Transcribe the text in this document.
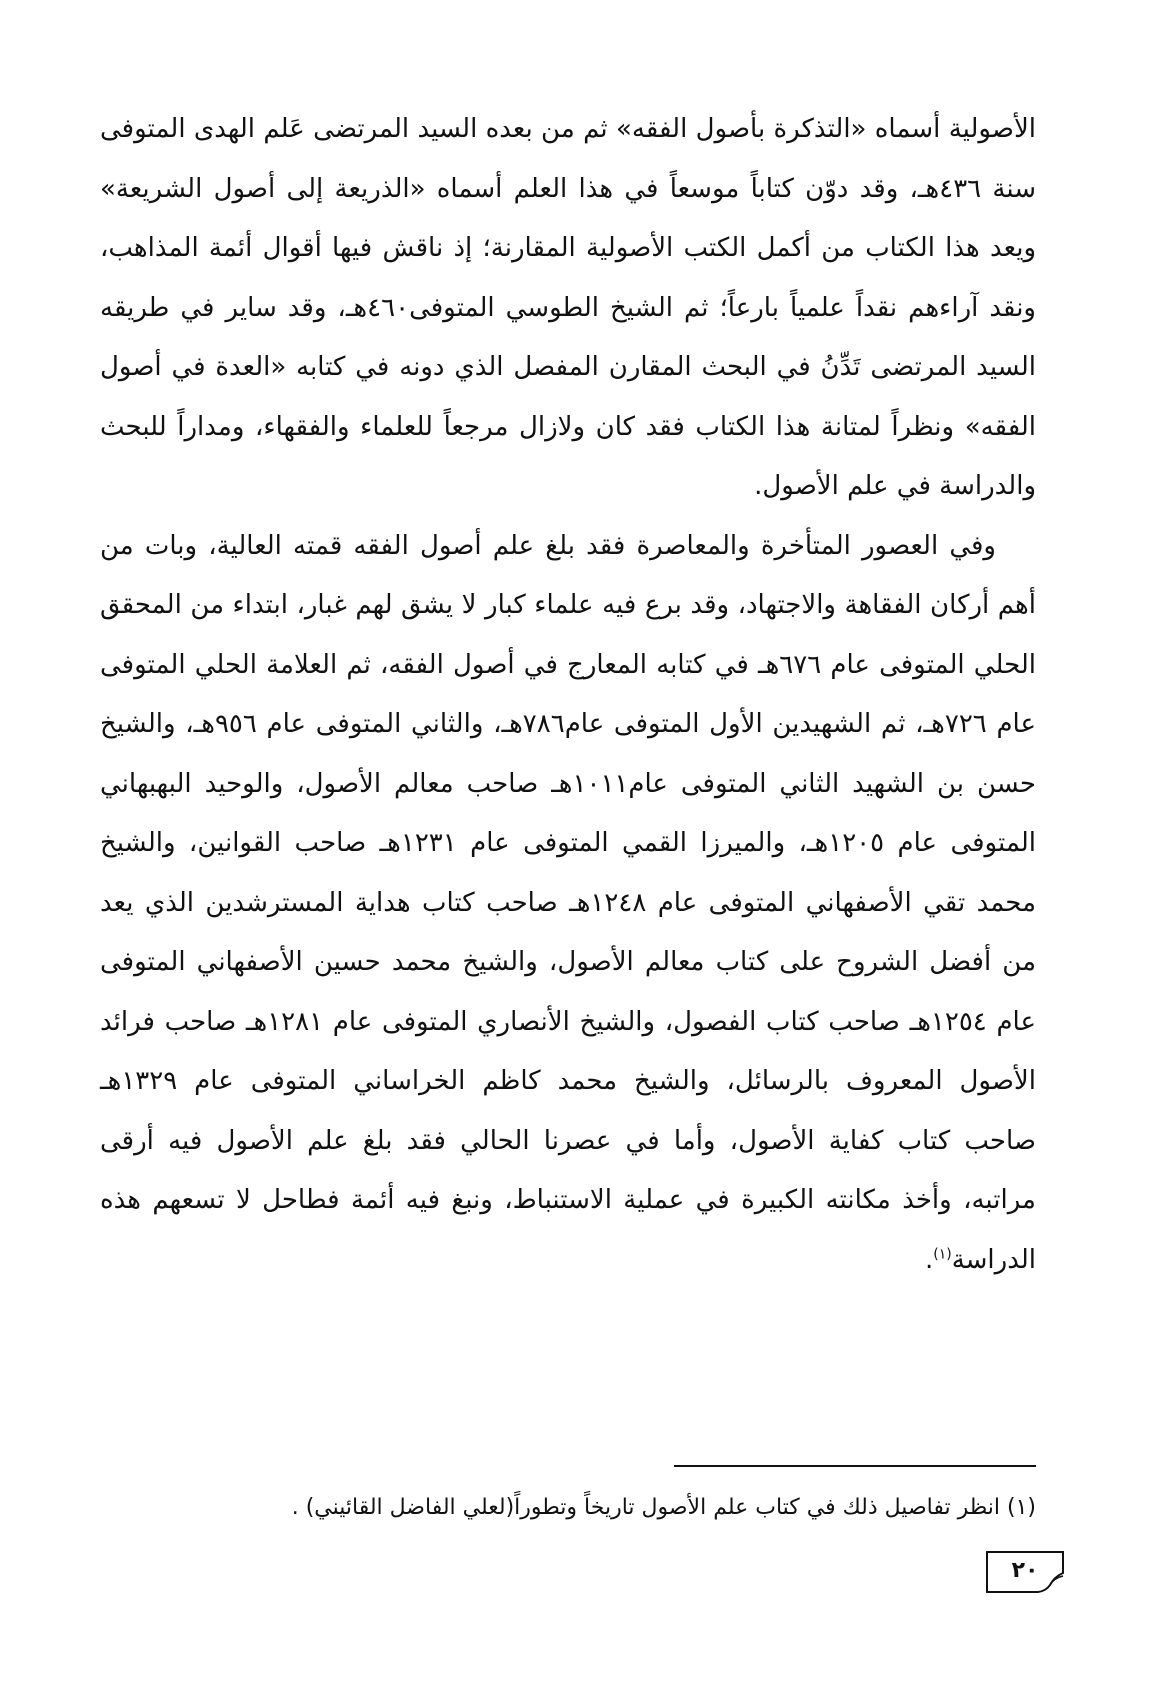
الأصولية أسماه «التذكرة بأصول الفقه» ثم من بعده السيد المرتضى عَلم الهدى المتوفى سنة ٤٣٦هـ، وقد دوّن كتاباً موسعاً في هذا العلم أسماه «الذريعة إلى أصول الشريعة» ويعد هذا الكتاب من أكمل الكتب الأصولية المقارنة؛ إذ ناقش فيها أقوال أئمة المذاهب، ونقد آراءهم نقداً علمياً بارعاً؛ ثم الشيخ الطوسي المتوفى٤٦٠هـ، وقد ساير في طريقه السيد المرتضى تَدِّنُ في البحث المقارن المفصل الذي دونه في كتابه «العدة في أصول الفقه» ونظراً لمتانة هذا الكتاب فقد كان ولازال مرجعاً للعلماء والفقهاء، ومداراً للبحث والدراسة في علم الأصول.

وفي العصور المتأخرة والمعاصرة فقد بلغ علم أصول الفقه قمته العالية، وبات من أهم أركان الفقاهة والاجتهاد، وقد برع فيه علماء كبار لا يشق لهم غبار، ابتداء من المحقق الحلي المتوفى عام ٦٧٦هـ في كتابه المعارج في أصول الفقه، ثم العلامة الحلي المتوفى عام ٧٢٦هـ، ثم الشهيدين الأول المتوفى عام٧٨٦هـ، والثاني المتوفى عام ٩٥٦هـ، والشيخ حسن بن الشهيد الثاني المتوفى عام١٠١١هـ صاحب معالم الأصول، والوحيد البهبهاني المتوفى عام ١٢٠٥هـ، والميرزا القمي المتوفى عام ١٢٣١هـ صاحب القوانين، والشيخ محمد تقي الأصفهاني المتوفى عام ١٢٤٨هـ صاحب كتاب هداية المسترشدين الذي يعد من أفضل الشروح على كتاب معالم الأصول، والشيخ محمد حسين الأصفهاني المتوفى عام ١٢٥٤هـ صاحب كتاب الفصول، والشيخ الأنصاري المتوفى عام ١٢٨١هـ صاحب فرائد الأصول المعروف بالرسائل، والشيخ محمد كاظم الخراساني المتوفى عام ١٣٢٩هـ صاحب كتاب كفاية الأصول، وأما في عصرنا الحالي فقد بلغ علم الأصول فيه أرقى مراتبه، وأخذ مكانته الكبيرة في عملية الاستنباط، ونبغ فيه أئمة فطاحل لا تسعهم هذه الدراسة$^{(١)}$.

(١) انظر تفاصيل ذلك في كتاب علم الأصول تاريخاً وتطوراً(لعلي الفاضل القائيني) .
٢٠
